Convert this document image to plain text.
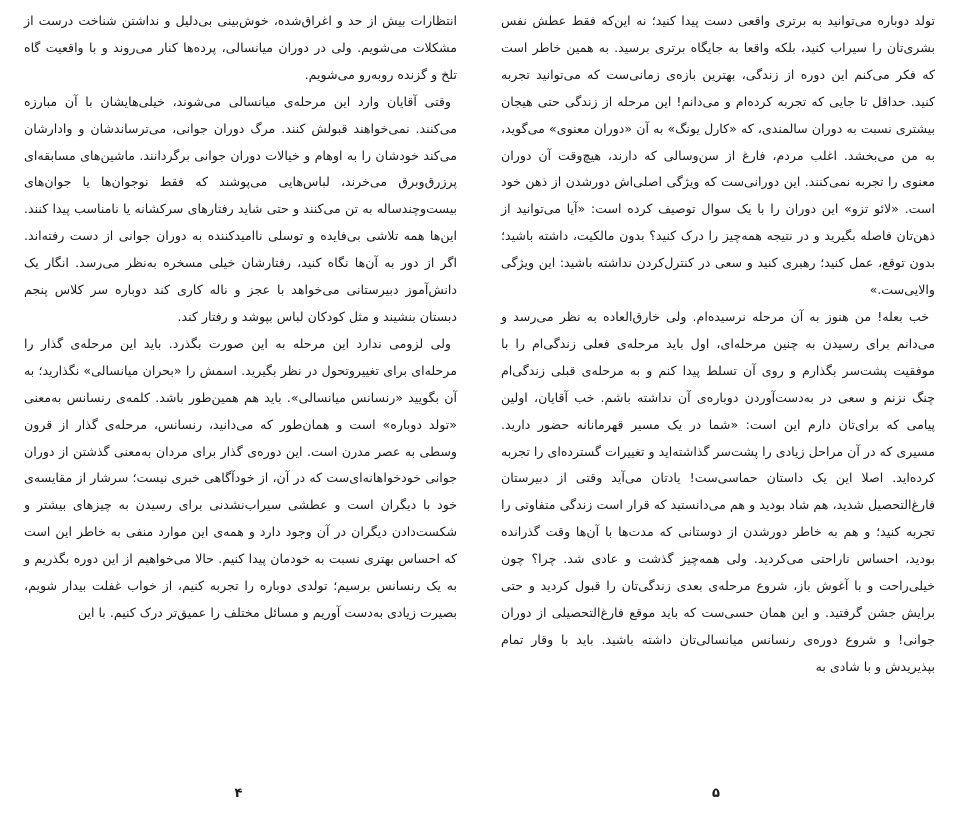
انتظارات بیش از حد و اغراق‌شده، خوش‌بینی بی‌دلیل و نداشتن شناخت درست از مشکلات می‌شویم. ولی در دوران میانسالی، پرده‌ها کنار می‌روند و با واقعیت گاه تلخ و گزنده روبه‌رو می‌شویم.

وقتی آقایان وارد این مرحله‌ی میانسالی می‌شوند، خیلی‌هایشان با آن مبارزه می‌کنند. نمی‌خواهند قبولش کنند. مرگ دوران جوانی، می‌ترساندشان و وادارشان می‌کند خودشان را به اوهام و خیالات دوران جوانی برگردانند. ماشین‌های مسابقه‌ای پرزرق‌وبرق می‌خرند، لباس‌هایی می‌پوشند که فقط نوجوان‌ها یا جوان‌های بیست‌وچندساله به تن می‌کنند و حتی شاید رفتارهای سرکشانه یا نامناسب پیدا کنند. این‌ها همه تلاشی بی‌فایده و توسلی ناامیدکننده به دوران جوانی از دست رفته‌اند. اگر از دور به آن‌ها نگاه کنید، رفتارشان خیلی مسخره به‌نظر می‌رسد. انگار یک دانش‌آموز دبیرستانی می‌خواهد با عجز و ناله کاری کند دوباره سر کلاس پنجم دبستان بنشیند و مثل کودکان لباس بپوشد و رفتار کند.

ولی لزومی ندارد این مرحله به این صورت بگذرد. باید این مرحله‌ی گذار را مرحله‌ای برای تغییروتحول در نظر بگیرید. اسمش را «بحران میانسالی» نگذارید؛ به آن بگویید «رنسانس میانسالی». باید هم همین‌طور باشد. کلمه‌ی رنسانس به‌معنی «تولد دوباره» است و همان‌طور که می‌دانید، رنسانس، مرحله‌ی گذار از قرون وسطی به عصر مدرن است. این دوره‌ی گذار برای مردان به‌معنی گذشتن از دوران جوانی خودخواهانه‌ای‌ست که در آن، از خودآگاهی خبری نیست؛ سرشار از مقایسه‌ی خود با دیگران است و عطشی سیراب‌نشدنی برای رسیدن به چیزهای بیشتر و شکست‌دادن دیگران در آن وجود دارد و همه‌ی این موارد منفی به خاطر این است که احساس بهتری نسبت به خودمان پیدا کنیم. حالا می‌خواهیم از این دوره بگذریم و به یک رنسانس برسیم؛ تولدی دوباره را تجربه کنیم، از خواب غفلت بیدار شویم، بصیرت زیادی به‌دست آوریم و مسائل مختلف را عمیق‌تر درک کنیم. با این

۴

تولد دوباره می‌توانید به برتری واقعی دست پیدا کنید؛ نه این‌که فقط عطش نفس بشری‌تان را سیراب کنید، بلکه واقعا به جایگاه برتری برسید. به همین خاطر است که فکر می‌کنم این دوره از زندگی، بهترین بازه‌ی زمانی‌ست که می‌توانید تجربه کنید. حداقل تا جایی که تجربه کرده‌ام و می‌دانم! این مرحله از زندگی حتی هیجان بیشتری نسبت به دوران سالمندی، که «کارل یونگ» به آن «دوران معنوی» می‌گوید، به من می‌بخشد. اغلب مردم، فارغ از سن‌وسالی که دارند، هیچ‌وقت آن دوران معنوی را تجربه نمی‌کنند. این دورانی‌ست که ویژگی اصلی‌اش دورشدن از ذهن خود است. «لائو تزو» این دوران را با یک سوال توصیف کرده است: «آیا می‌توانید از ذهن‌تان فاصله بگیرید و در نتیجه همه‌چیز را درک کنید؟ بدون مالکیت، داشته باشید؛ بدون توقع، عمل کنید؛ رهبری کنید و سعی در کنترل‌کردن نداشته باشید: این ویژگی والایی‌ست.»

خب بعله! من هنوز به آن مرحله نرسیده‌ام. ولی خارق‌العاده به نظر می‌رسد و می‌دانم برای رسیدن به چنین مرحله‌ای، اول باید مرحله‌ی فعلی زندگی‌ام را با موفقیت پشت‌سر بگذارم و روی آن تسلط پیدا کنم و به مرحله‌ی قبلی زندگی‌ام چنگ نزنم و سعی در به‌دست‌آوردن دوباره‌ی آن نداشته باشم. خب آقایان، اولین پیامی که برای‌تان دارم این است: «شما در یک مسیر قهرمانانه حضور دارید. مسیری که در آن مراحل زیادی را پشت‌سر گذاشته‌اید و تغییرات گسترده‌ای را تجربه کرده‌اید. اصلا این یک داستان حماسی‌ست! یادتان می‌آید وقتی از دبیرستان فارغ‌التحصیل شدید، هم شاد بودید و هم می‌دانستید که قرار است زندگی متفاوتی را تجربه کنید؛ و هم به خاطر دورشدن از دوستانی که مدت‌ها با آن‌ها وقت گذرانده بودید، احساس ناراحتی می‌کردید. ولی همه‌چیز گذشت و عادی شد. چرا؟ چون خیلی‌راحت و با آغوش باز، شروع مرحله‌ی بعدی زندگی‌تان را قبول کردید و حتی برایش جشن گرفتید. و این همان حسی‌ست که باید موقع فارغ‌التحصیلی از دوران جوانی! و شروع دوره‌ی رنسانس میانسالی‌تان داشته باشید. باید با وقار تمام بپذیریدش و با شادی به

۵
